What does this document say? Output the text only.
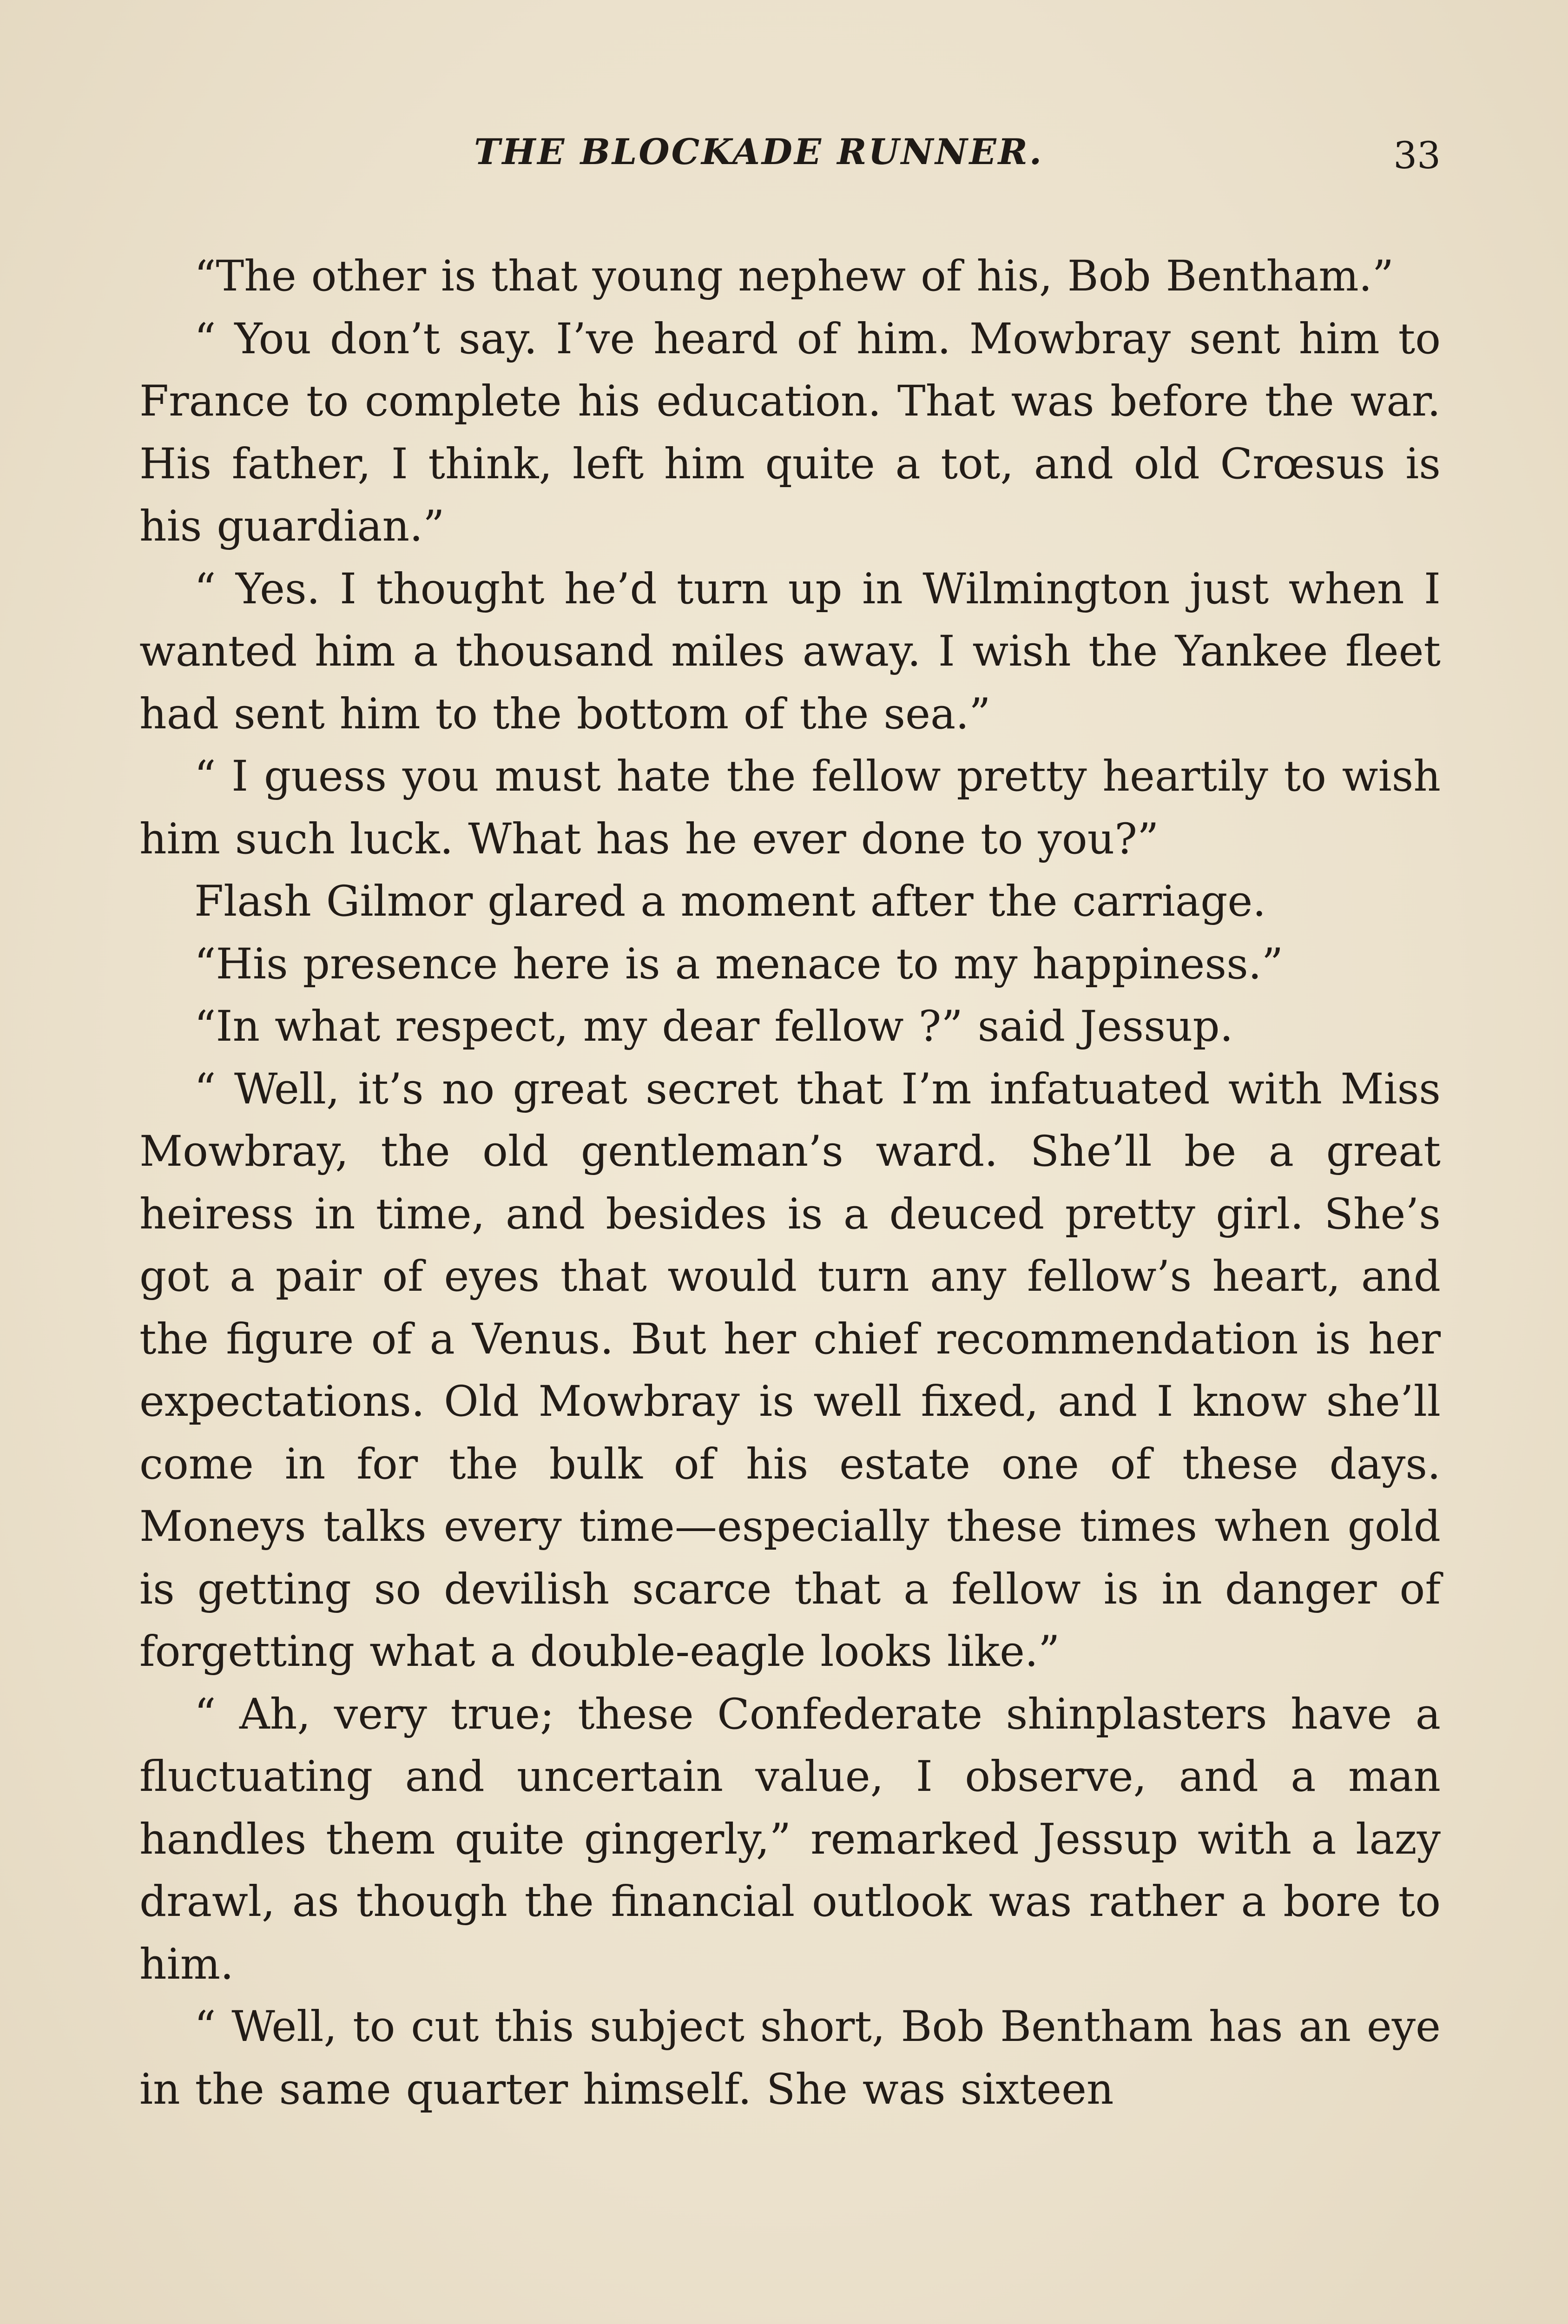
THE BLOCKADE RUNNER.	33

“The other is that young nephew of his, Bob Bentham.”

“ You don’t say. I’ve heard of him. Mowbray sent him to France to complete his education. That was before the war. His father, I think, left him quite a tot, and old Crœsus is his guardian.”

“ Yes. I thought he’d turn up in Wilmington just when I wanted him a thousand miles away. I wish the Yankee fleet had sent him to the bottom of the sea.”

“ I guess you must hate the fellow pretty heartily to wish him such luck. What has he ever done to you?”

Flash Gilmor glared a moment after the carriage.

“His presence here is a menace to my happiness.”

“In what respect, my dear fellow ?” said Jessup.

“ Well, it’s no great secret that I’m infatuated with Miss Mowbray, the old gentleman’s ward. She’ll be a great heiress in time, and besides is a deuced pretty girl. She’s got a pair of eyes that would turn any fellow’s heart, and the figure of a Venus. But her chief recommendation is her expectations. Old Mowbray is well fixed, and I know she’ll come in for the bulk of his estate one of these days. Moneys talks every time—especially these times when gold is getting so devilish scarce that a fellow is in danger of forgetting what a double-eagle looks like.”

“ Ah, very true; these Confederate shinplasters have a fluctuating and uncertain value, I observe, and a man handles them quite gingerly,” remarked Jessup with a lazy drawl, as though the financial outlook was rather a bore to him.

“ Well, to cut this subject short, Bob Bentham has an eye in the same quarter himself. She was sixteen
